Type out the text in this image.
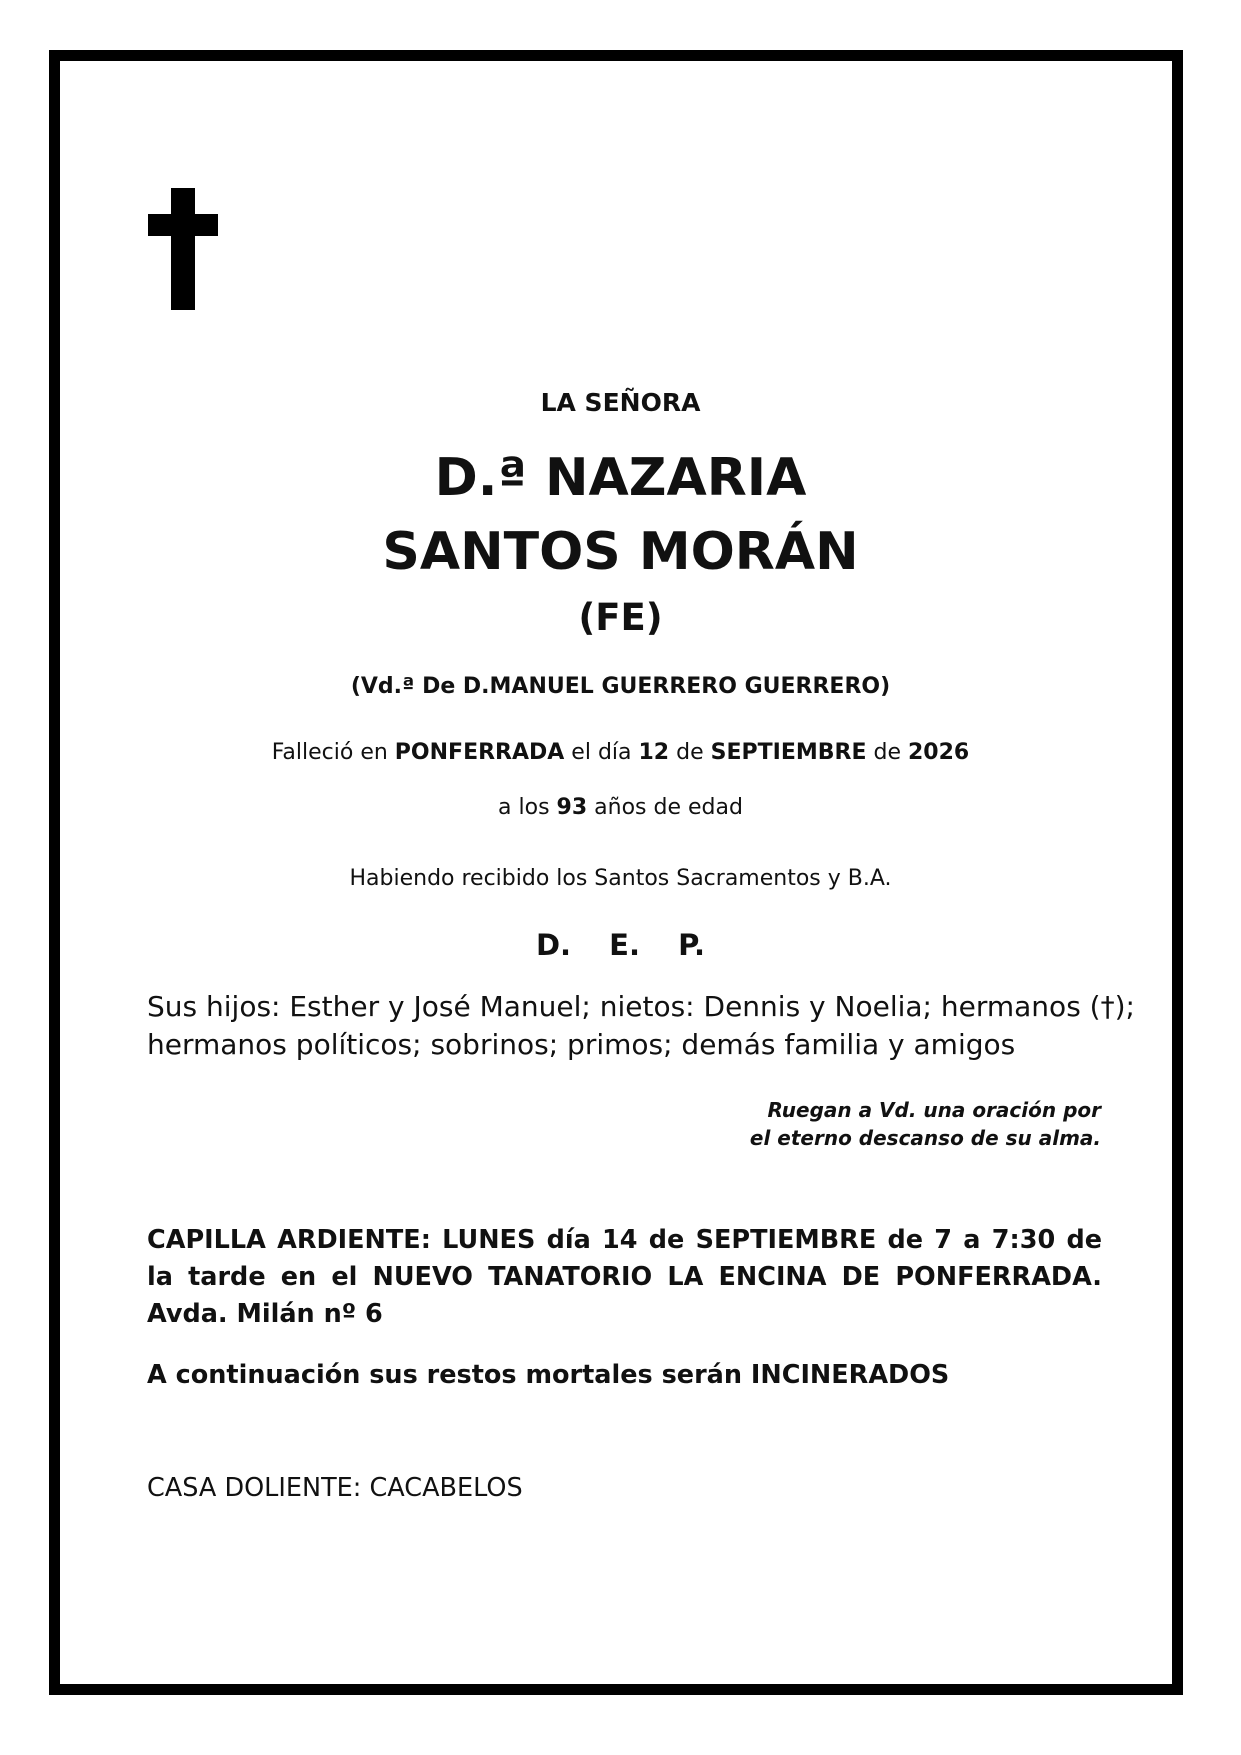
LA SEÑORA
D.ª NAZARIA
SANTOS MORÁN
(FE)
(Vd.ª De D.MANUEL GUERRERO GUERRERO)
Falleció en PONFERRADA el día 12 de SEPTIEMBRE de 2026
a los 93 años de edad
Habiendo recibido los Santos Sacramentos y B.A.
D. E. P.
Sus hijos: Esther y José Manuel; nietos: Dennis y Noelia; hermanos (†);
hermanos políticos; sobrinos; primos; demás familia y amigos
Ruegan a Vd. una oración por
el eterno descanso de su alma.
CAPILLA ARDIENTE: LUNES día 14 de SEPTIEMBRE de 7 a 7:30 de la tarde en el NUEVO TANATORIO LA ENCINA DE PONFERRADA. Avda. Milán nº 6
A continuación sus restos mortales serán INCINERADOS
CASA DOLIENTE: CACABELOS
